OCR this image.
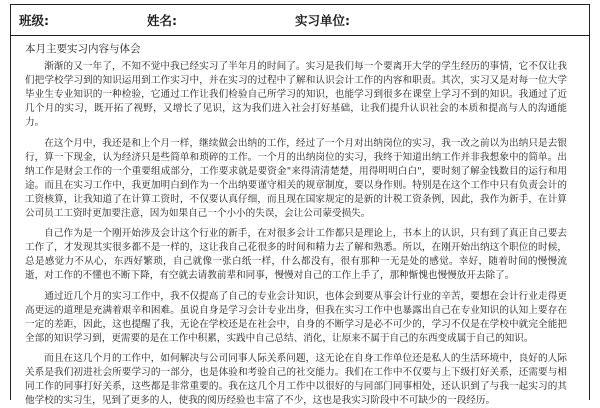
班级:	姓名:	实习单位:
本月主要实习内容与体会

渐渐的又一年了，不知不觉中我已经实习了半年月的时间了。实习是我们每一个要离开大学的学生经历的事情，它不仅让我们把学校学习到的知识运用到工作实习中，并在实习的过程中了解和认识会计工作的内容和职责。其次，实习又是对每一位大学毕业生专业知识的一种检验，它通过工作让我们检验自己所学习的知识，也能学习到很多在课堂上学习不到的知识。我通过了近几个月的实习，既开拓了视野，又增长了见识，这为我们进入社会打好基础，让我们提升认识社会的本质和提高与人的沟通能力。

在这个月中，我还是和上个月一样，继续做会出纳的工作，经过了一个月对出纳岗位的实习，我一改之前以为出纳只是去银行，算一下现金，认为经济只是些简单和琐碎的工作。一个月的出纳岗位的实习，我终于知道出纳工作并非我想象中的简单。出纳工作是财会工作的一个重要组成部分，工作要求就是要资金"来得清清楚楚，用得明明白白"，要时刻了解金钱数目的运行和用途。而且在实习工作中，我更加明白到作为一个出纳要谨守相关的规章制度，要以身作则。特别是在这个工作中只有负责会计的工资核算，让我知道了在计算工资时，不仅要认真仔细，而且现在国家规定的是新的计税工资条例，因此，我作为新手，在计算公司员工工资时更加要注意，因为如果自己一个小小的失误，会让公司蒙受损失。

自己作为是一个刚开始涉及会计这个行业的新手，在对很多会计工作都只是理论上，书本上的认识，只有到了真正自己要去工作了，才发现其实很多都不是一样的，这让我自己花很多的时间和精力去了解和熟悉。所以，在刚开始出纳这个职位的时候，总是感觉力不从心，东西好繁琐，自己就像一张白纸一样，什么都没有，很有那种一无是处的感觉。幸好，随着时间的慢慢流逝，对工作的不懂也不断下降，有空就去请教前辈和同事，慢慢对自己的工作上手了，那种惭愧也慢慢放开去除了。

通过近几个月的实习工作中，我不仅提高了自己的专业会计知识，也体会到要从事会计行业的辛苦，要想在会计行业走得更高更远的道理是充满着艰辛和困难。虽说自身是学习会计专业出身，但我在实习工作中也暴露出自己在专业知识的认知上要存在一定的差距，因此，这也提醒了我，无论在学校还是在社会中，自身的不断学习是必不可少的，学习不仅是在学校中就完全能把全部的知识学习到，更需要的是在工作中积累，实践中自己总结、消化，让原来不属于自己的东西变成属于自己的知识。

而且在这几个月的工作中，如何解决与公司同事人际关系问题，这无论在自身工作单位还是私人的生活环境中，良好的人际关系是我们初进社会所要学习的一部分，也是体验和考验自己的社交能力。我们在工作中不仅要与上下级打好关系，还需要与相同工作的同事打好关系，这些都是非常重要的。我在这几个月工作中以很好的与同部门同事相处，还认识到了与我一起实习的其他学校的实习生，见到了更多的人，使我的阅历经验也丰富了不少，这也是我实习阶段中不可缺少的一段经历。
